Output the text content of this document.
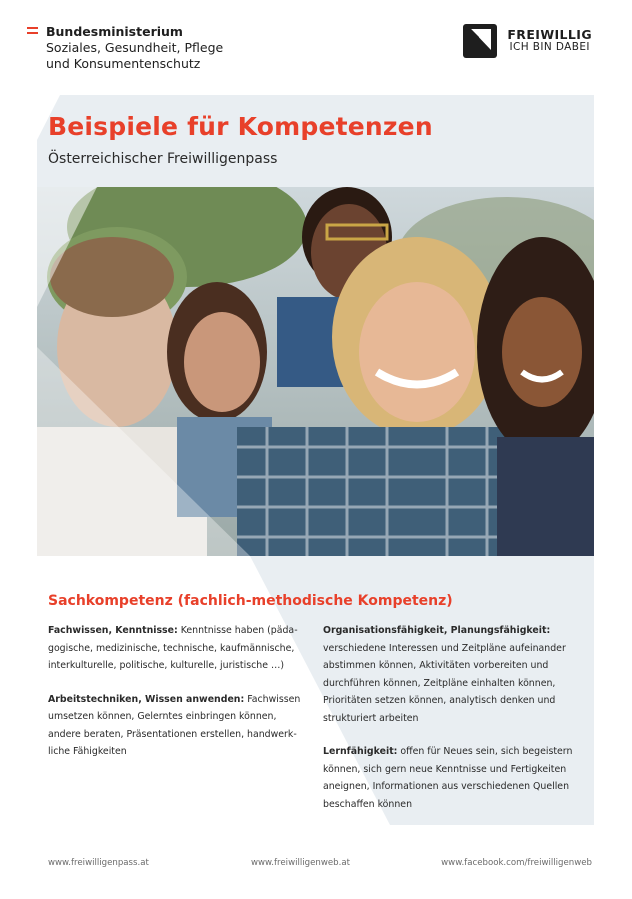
Bundesministerium
Soziales, Gesundheit, Pflege
und Konsumentenschutz
FREIWILLIG
ICH BIN DABEI
Beispiele für Kompetenzen
Österreichischer Freiwilligenpass
Sachkompetenz (fachlich-methodische Kompetenz)

Fachwissen, Kenntnisse: Kenntnisse haben (pädagogische, medizinische, technische, kaufmännische, interkulturelle, politische, kulturelle, juristische …)

Arbeitstechniken, Wissen anwenden: Fachwissen umsetzen können, Gelerntes einbringen können, andere beraten, Präsentationen erstellen, handwerkliche Fähigkeiten

Organisationsfähigkeit, Planungsfähigkeit: verschiedene Interessen und Zeitpläne aufeinander abstimmen können, Aktivitäten vorbereiten und durchführen können, Zeitpläne einhalten können, Prioritäten setzen können, analytisch denken und strukturiert arbeiten

Lernfähigkeit: offen für Neues sein, sich begeistern können, sich gern neue Kenntnisse und Fertigkeiten aneignen, Informationen aus verschiedenen Quellen beschaffen können

www.freiwilligenpass.at	www.freiwilligenweb.at	www.facebook.com/freiwilligenweb
